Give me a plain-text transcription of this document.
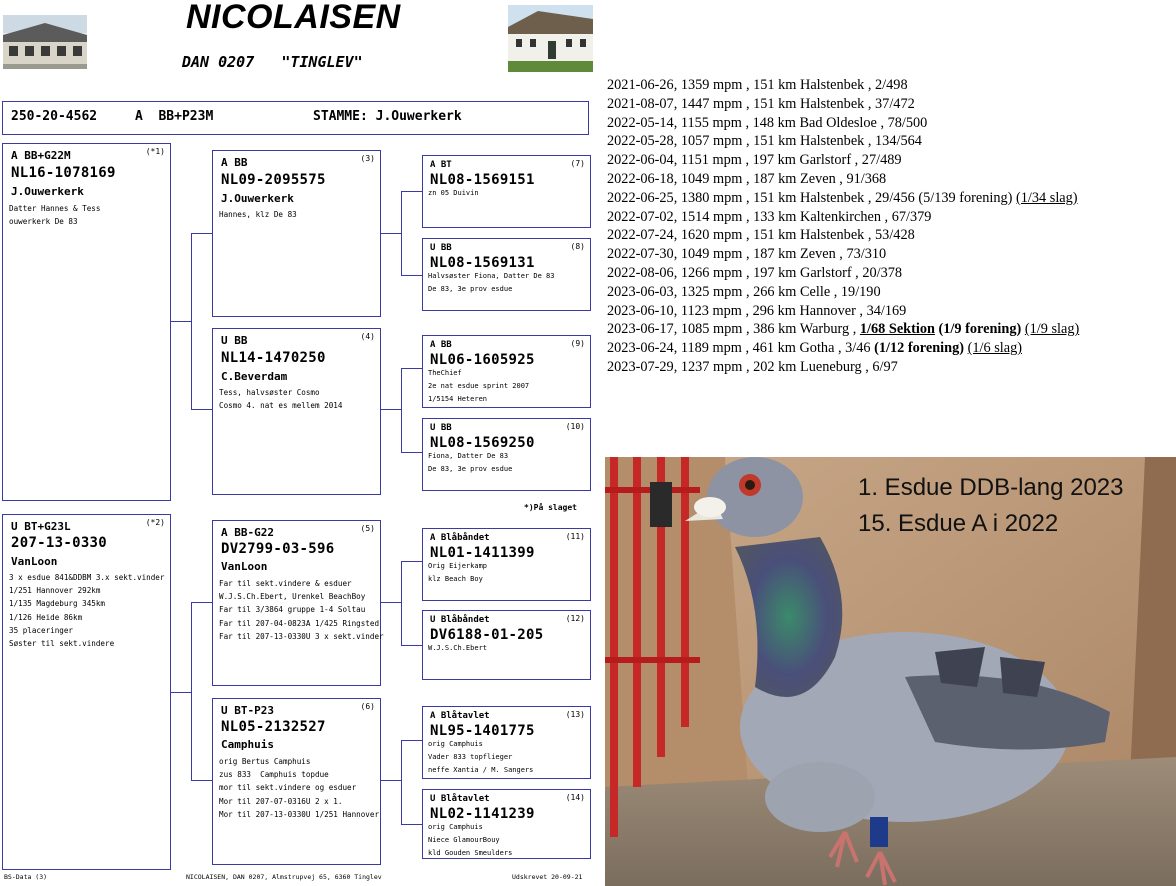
NICOLAISEN
DAN 0207   "TINGLEV"
250-20-4562	A  BB+P23M	STAMME: J.Ouwerkerk
(*1)
A BB+G22M
NL16-1078169
J.Ouwerkerk
Datter Hannes & Tess
ouwerkerk De 83
(*2)
U BT+G23L
207-13-0330
VanLoon
3 x esdue 841&DDBM 3.x sekt.vinder
1/251 Hannover 292km
1/135 Magdeburg 345km
1/126 Heide 86km
35 placeringer
Søster til sekt.vindere
(3)
A BB
NL09-2095575
J.Ouwerkerk
Hannes, klz De 83
(4)
U BB
NL14-1470250
C.Beverdam
Tess, halvsøster Cosmo
Cosmo 4. nat es mellem 2014
(5)
A BB-G22
DV2799-03-596
VanLoon
Far til sekt.vindere & esduer
W.J.S.Ch.Ebert, Urenkel BeachBoy
Far til 3/3864 gruppe 1-4 Soltau
Far til 207-04-0823A 1/425 Ringsted
Far til 207-13-0330U 3 x sekt.vinder
(6)
U BT-P23
NL05-2132527
Camphuis
orig Bertus Camphuis
zus 833  Camphuis topdue
mor til sekt.vindere og esduer
Mor til 207-07-0316U 2 x 1.
Mor til 207-13-0330U 1/251 Hannover
(7)
A BT
NL08-1569151
zn 05 Duivin
(8)
U BB
NL08-1569131
Halvsøster Fiona, Datter De 83
De 83, 3e prov esdue
(9)
A BB
NL06-1605925
TheChief
2e nat esdue sprint 2007
1/5154 Heteren
(10)
U BB
NL08-1569250
Fiona, Datter De 83
De 83, 3e prov esdue
*)På slaget
(11)
A Blåbåndet
NL01-1411399
Orig Eijerkamp
klz Beach Boy
(12)
U Blåbåndet
DV6188-01-205
W.J.S.Ch.Ebert
(13)
A Blåtavlet
NL95-1401775
orig Camphuis
Vader 833 topflieger
neffe Xantia / M. Sangers
(14)
U Blåtavlet
NL02-1141239
orig Camphuis
Niece GlamourBouy
kld Gouden Smeulders
BS-Data (3)	NICOLAISEN, DAN 0207, Almstrupvej 65, 6360 Tinglev	Udskrevet 20-09-21
2021-06-26, 1359 mpm , 151 km Halstenbek , 2/498
2021-08-07, 1447 mpm , 151 km Halstenbek , 37/472
2022-05-14, 1155 mpm , 148 km Bad Oldesloe , 78/500
2022-05-28, 1057 mpm , 151 km Halstenbek , 134/564
2022-06-04, 1151 mpm , 197 km Garlstorf , 27/489
2022-06-18, 1049 mpm , 187 km Zeven , 91/368
2022-06-25, 1380 mpm , 151 km Halstenbek , 29/456 (5/139 forening) (1/34 slag)
2022-07-02, 1514 mpm , 133 km Kaltenkirchen , 67/379
2022-07-24, 1620 mpm , 151 km Halstenbek , 53/428
2022-07-30, 1049 mpm , 187 km Zeven , 73/310
2022-08-06, 1266 mpm , 197 km Garlstorf , 20/378
2023-06-03, 1325 mpm , 266 km Celle , 19/190
2023-06-10, 1123 mpm , 296 km Hannover , 34/169
2023-06-17, 1085 mpm , 386 km Warburg , 1/68 Sektion (1/9 forening) (1/9 slag)
2023-06-24, 1189 mpm , 461 km Gotha , 3/46 (1/12 forening) (1/6 slag)
2023-07-29, 1237 mpm , 202 km Lueneburg , 6/97
1. Esdue DDB-lang 2023
15. Esdue A i 2022
